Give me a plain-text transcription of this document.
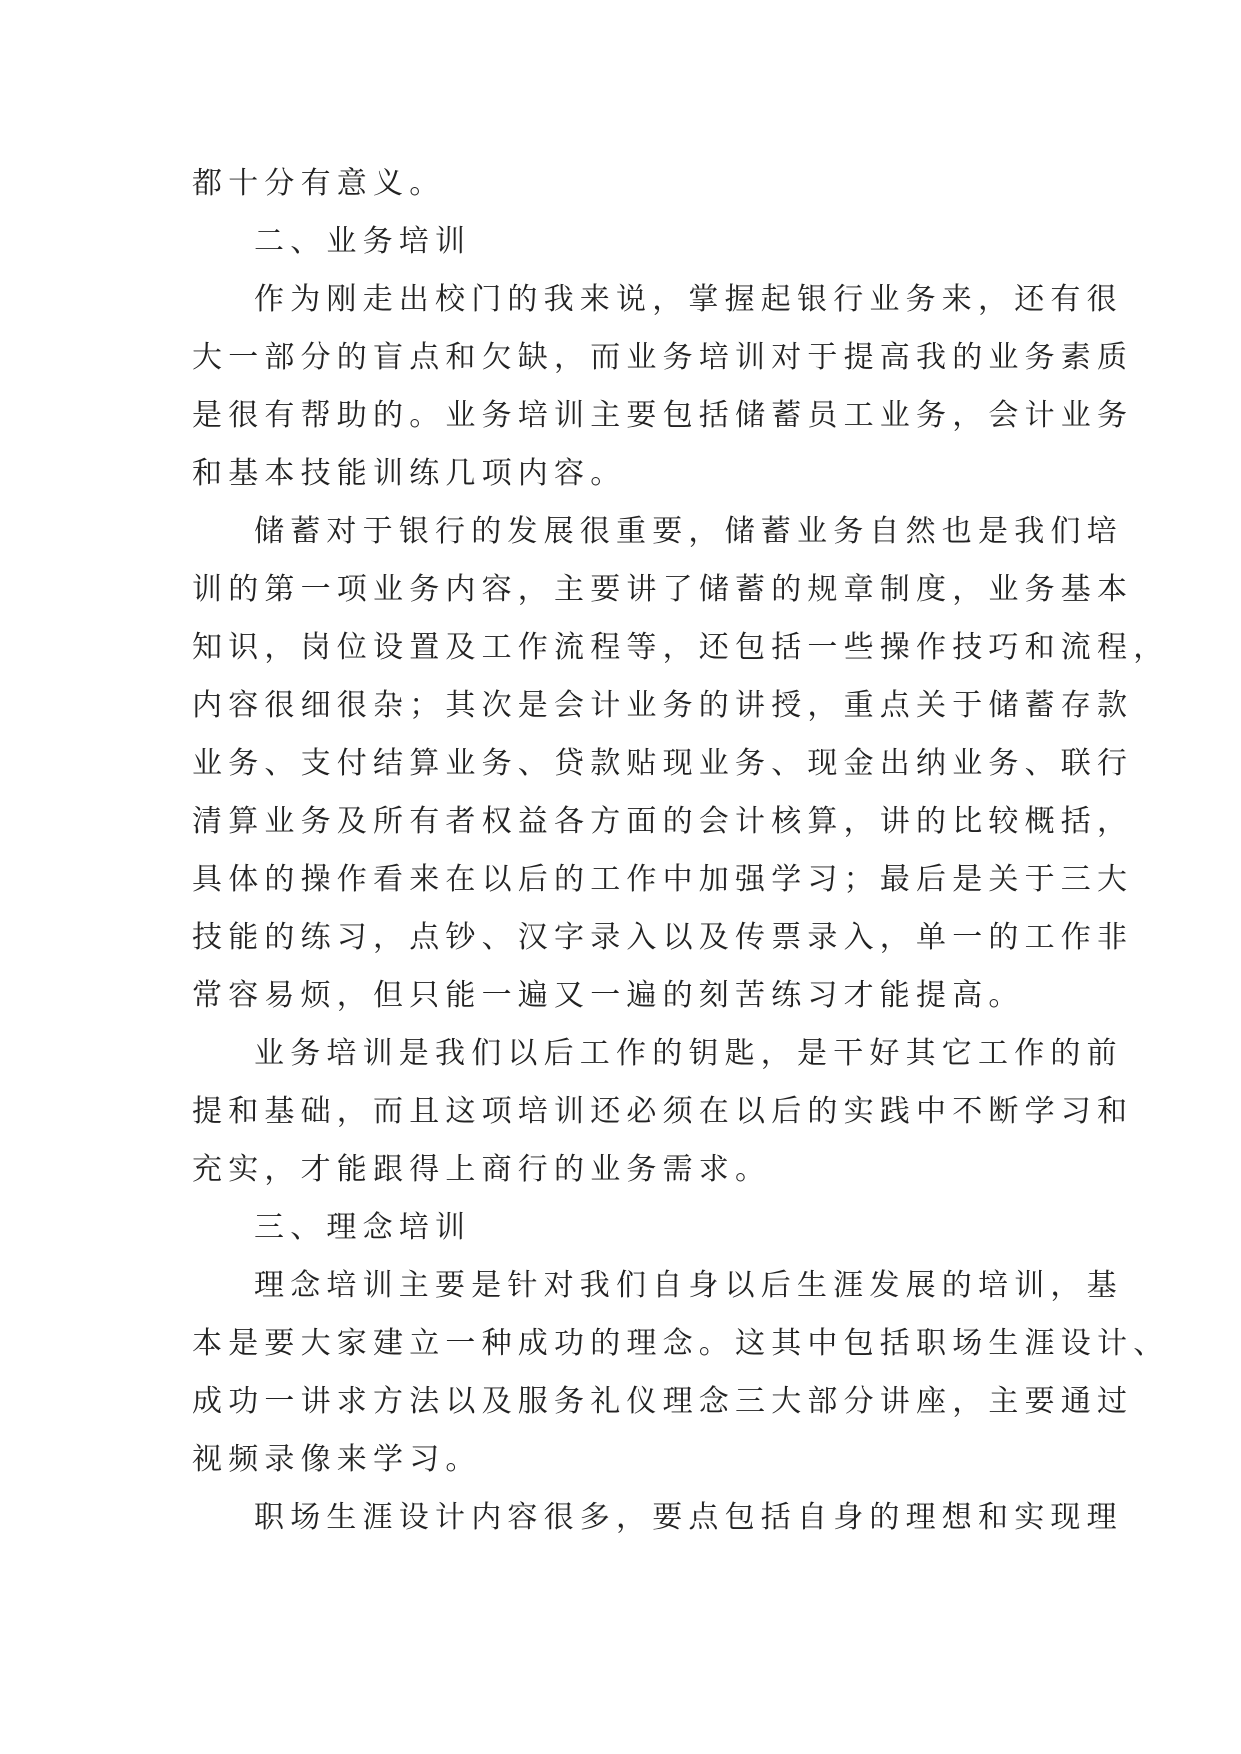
都十分有意义。
二、业务培训
作为刚走出校门的我来说，掌握起银行业务来，还有很
大一部分的盲点和欠缺，而业务培训对于提高我的业务素质
是很有帮助的。业务培训主要包括储蓄员工业务，会计业务
和基本技能训练几项内容。
储蓄对于银行的发展很重要，储蓄业务自然也是我们培
训的第一项业务内容，主要讲了储蓄的规章制度，业务基本
知识，岗位设置及工作流程等，还包括一些操作技巧和流程，
内容很细很杂；其次是会计业务的讲授，重点关于储蓄存款
业务、支付结算业务、贷款贴现业务、现金出纳业务、联行
清算业务及所有者权益各方面的会计核算，讲的比较概括，
具体的操作看来在以后的工作中加强学习；最后是关于三大
技能的练习，点钞、汉字录入以及传票录入，单一的工作非
常容易烦，但只能一遍又一遍的刻苦练习才能提高。
业务培训是我们以后工作的钥匙，是干好其它工作的前
提和基础，而且这项培训还必须在以后的实践中不断学习和
充实，才能跟得上商行的业务需求。
三、理念培训
理念培训主要是针对我们自身以后生涯发展的培训，基
本是要大家建立一种成功的理念。这其中包括职场生涯设计、
成功一讲求方法以及服务礼仪理念三大部分讲座，主要通过
视频录像来学习。
职场生涯设计内容很多，要点包括自身的理想和实现理
